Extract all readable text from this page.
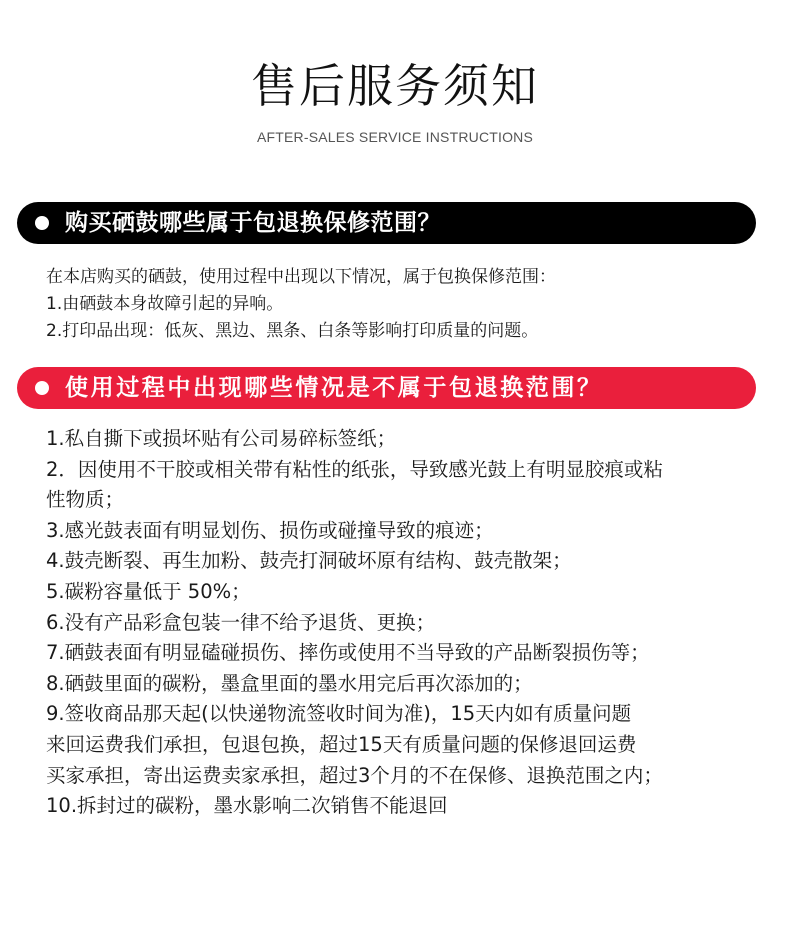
售后服务须知
AFTER-SALES SERVICE INSTRUCTIONS
购买硒鼓哪些属于包退换保修范围？
在本店购买的硒鼓，使用过程中出现以下情况，属于包换保修范围：
1.由硒鼓本身故障引起的异响。
2.打印品出现：低灰、黑边、黑条、白条等影响打印质量的问题。
使用过程中出现哪些情况是不属于包退换范围？
1.私自撕下或损坏贴有公司易碎标签纸；
2．因使用不干胶或相关带有粘性的纸张，导致感光鼓上有明显胶痕或粘
性物质；
3.感光鼓表面有明显划伤、损伤或碰撞导致的痕迹；
4.鼓壳断裂、再生加粉、鼓壳打洞破坏原有结构、鼓壳散架；
5.碳粉容量低于 50%；
6.没有产品彩盒包装一律不给予退货、更换；
7.硒鼓表面有明显磕碰损伤、摔伤或使用不当导致的产品断裂损伤等；
8.硒鼓里面的碳粉，墨盒里面的墨水用完后再次添加的；
9.签收商品那天起(以快递物流签收时间为准)，15天内如有质量问题
来回运费我们承担，包退包换，超过15天有质量问题的保修退回运费
买家承担，寄出运费卖家承担，超过3个月的不在保修、退换范围之内；
10.拆封过的碳粉，墨水影响二次销售不能退回
